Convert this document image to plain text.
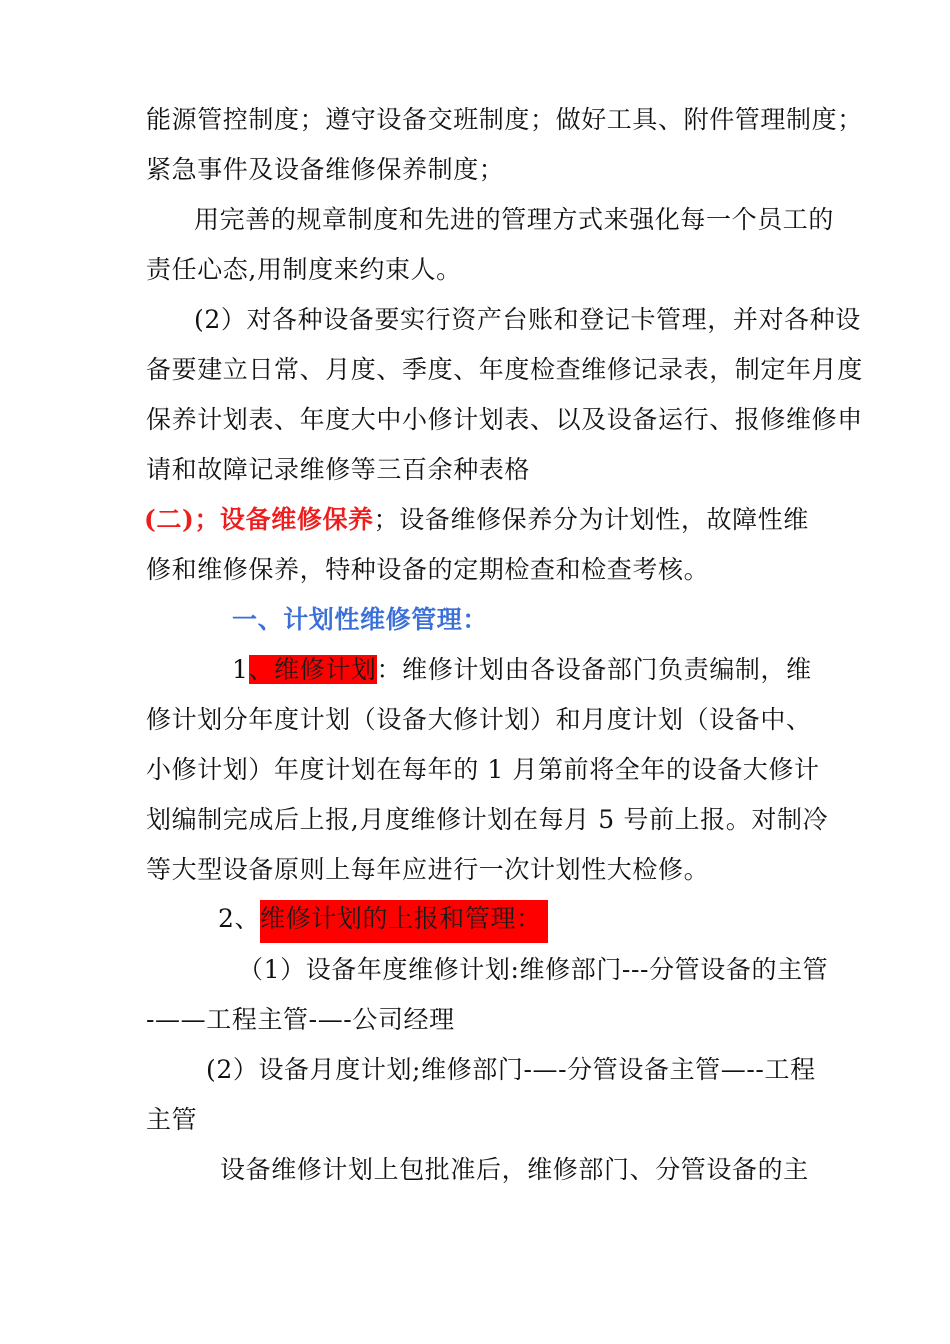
能源管控制度；遵守设备交班制度；做好工具、附件管理制度；
紧急事件及设备维修保养制度；
用完善的规章制度和先进的管理方式来强化每一个员工的
责任心态,用制度来约束人。
(2）对各种设备要实行资产台账和登记卡管理，并对各种设
备要建立日常、月度、季度、年度检查维修记录表，制定年月度
保养计划表、年度大中小修计划表、以及设备运行、报修维修申
请和故障记录维修等三百余种表格
(二)；设备维修保养；设备维修保养分为计划性，故障性维
修和维修保养，特种设备的定期检查和检查考核。
一、计划性维修管理：
1、维修计划：维修计划由各设备部门负责编制，维
修计划分年度计划（设备大修计划）和月度计划（设备中、
小修计划）年度计划在每年的 1 月第前将全年的设备大修计
划编制完成后上报,月度维修计划在每月 5 号前上报。对制冷
等大型设备原则上每年应进行一次计划性大检修。
2、维修计划的上报和管理：
（1）设备年度维修计划:维修部门---分管设备的主管
-——工程主管-—-公司经理
(2）设备月度计划;维修部门-—-分管设备主管—--工程
主管
设备维修计划上包批准后，维修部门、分管设备的主
